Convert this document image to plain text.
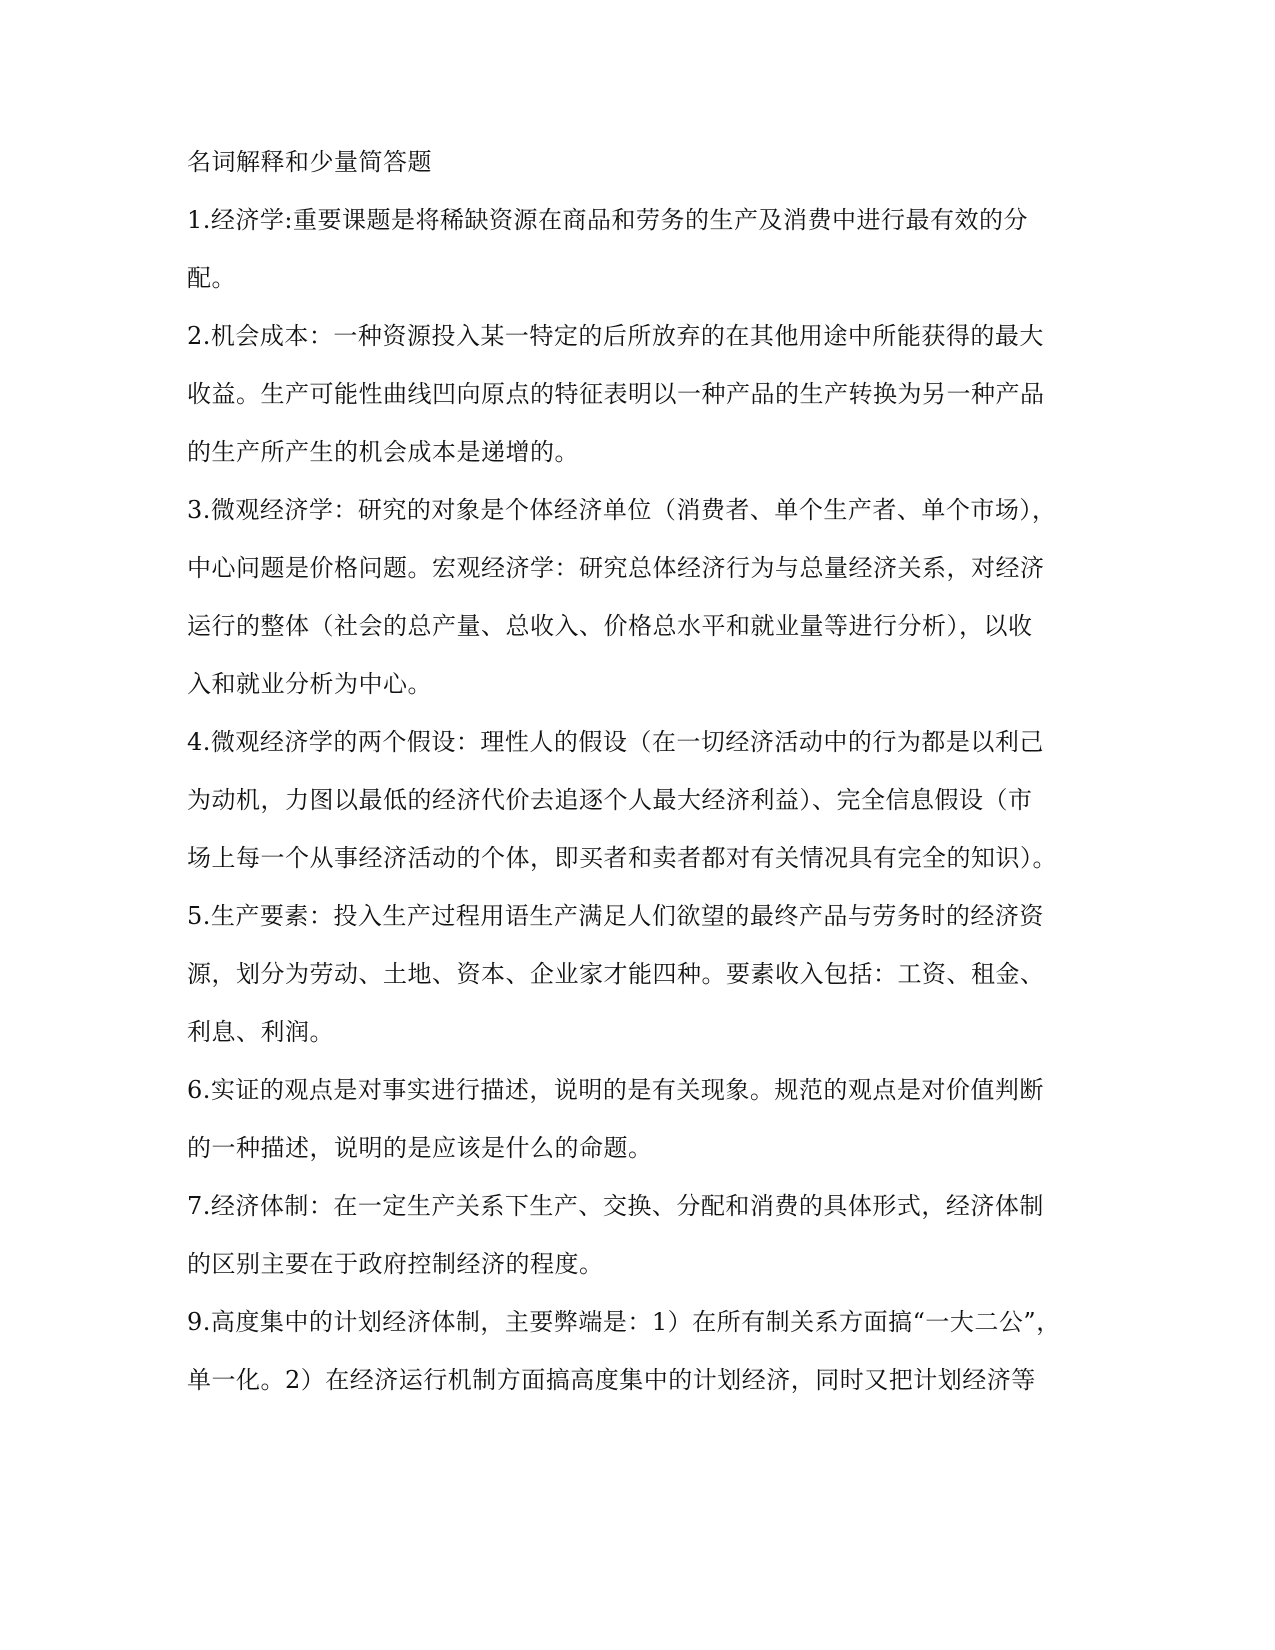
名词解释和少量简答题

1.经济学:重要课题是将稀缺资源在商品和劳务的生产及消费中进行最有效的分

配。

2.机会成本：一种资源投入某一特定的后所放弃的在其他用途中所能获得的最大

收益。生产可能性曲线凹向原点的特征表明以一种产品的生产转换为另一种产品

的生产所产生的机会成本是递增的。

3.微观经济学：研究的对象是个体经济单位（消费者、单个生产者、单个市场），

中心问题是价格问题。宏观经济学：研究总体经济行为与总量经济关系，对经济

运行的整体（社会的总产量、总收入、价格总水平和就业量等进行分析），以收

入和就业分析为中心。

4.微观经济学的两个假设：理性人的假设（在一切经济活动中的行为都是以利己

为动机，力图以最低的经济代价去追逐个人最大经济利益）、完全信息假设（市

场上每一个从事经济活动的个体，即买者和卖者都对有关情况具有完全的知识）。

5.生产要素：投入生产过程用语生产满足人们欲望的最终产品与劳务时的经济资

源，划分为劳动、土地、资本、企业家才能四种。要素收入包括：工资、租金、

利息、利润。

6.实证的观点是对事实进行描述，说明的是有关现象。规范的观点是对价值判断

的一种描述，说明的是应该是什么的命题。

7.经济体制：在一定生产关系下生产、交换、分配和消费的具体形式，经济体制

的区别主要在于政府控制经济的程度。

9.高度集中的计划经济体制，主要弊端是：1）在所有制关系方面搞“一大二公”，

单一化。2）在经济运行机制方面搞高度集中的计划经济，同时又把计划经济等
